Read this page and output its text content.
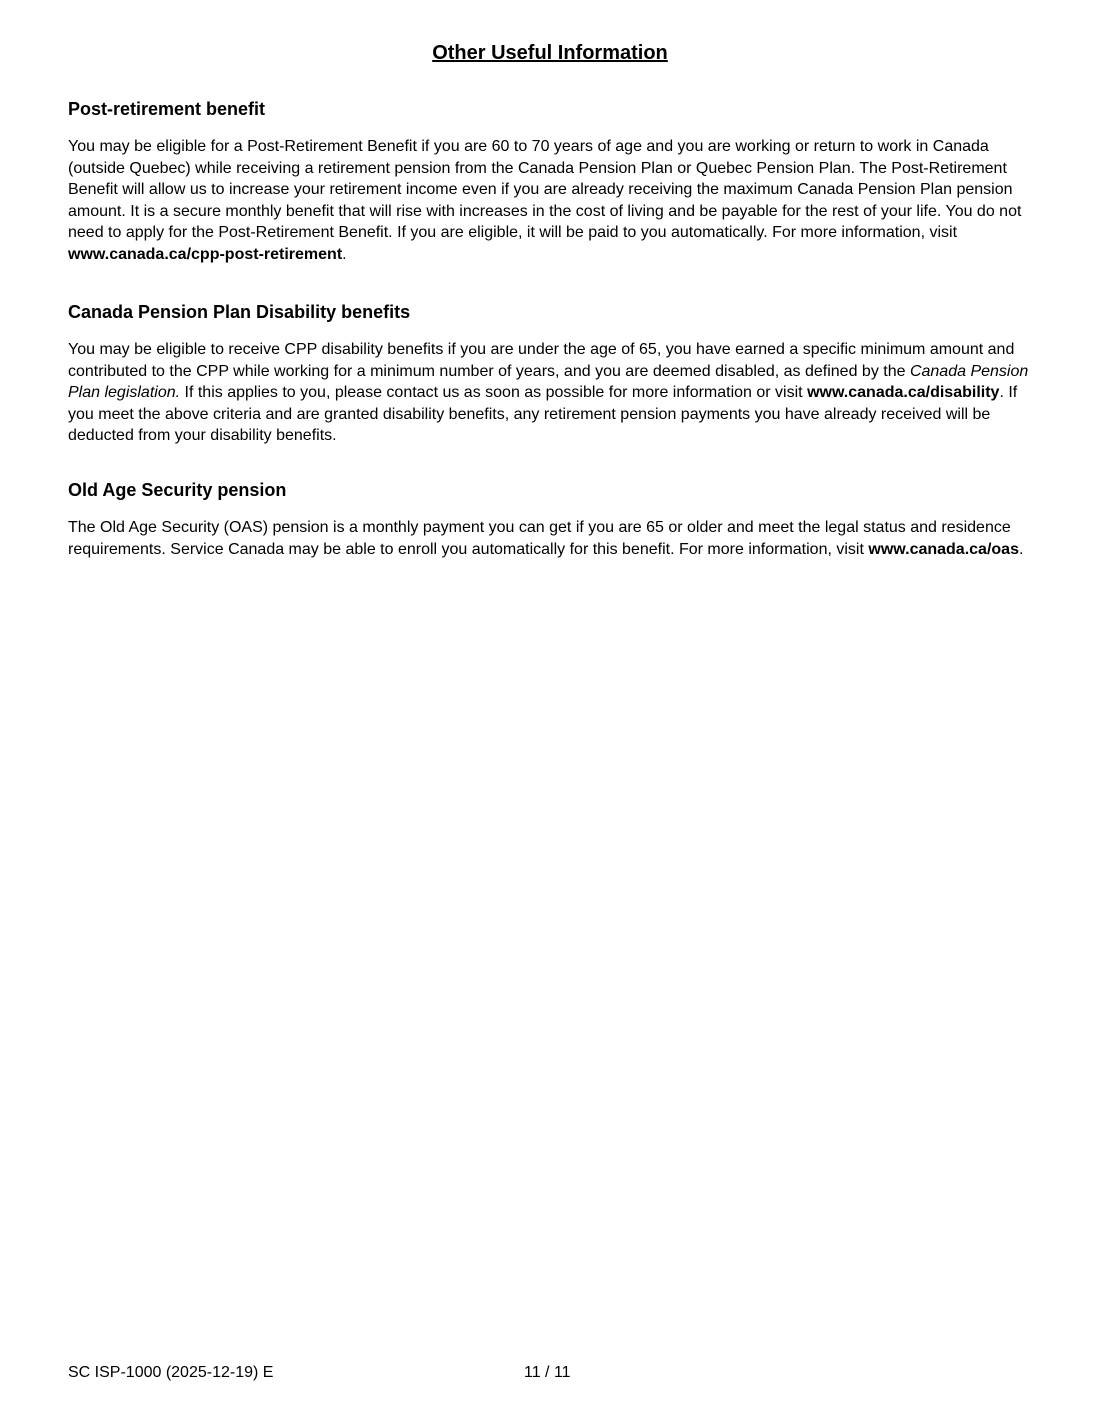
Other Useful Information
Post-retirement benefit

You may be eligible for a Post-Retirement Benefit if you are 60 to 70 years of age and you are working or return to work in Canada (outside Quebec) while receiving a retirement pension from the Canada Pension Plan or Quebec Pension Plan. The Post-Retirement Benefit will allow us to increase your retirement income even if you are already receiving the maximum Canada Pension Plan pension amount. It is a secure monthly benefit that will rise with increases in the cost of living and be payable for the rest of your life. You do not need to apply for the Post-Retirement Benefit. If you are eligible, it will be paid to you automatically. For more information, visit www.canada.ca/cpp-post-retirement.

Canada Pension Plan Disability benefits

You may be eligible to receive CPP disability benefits if you are under the age of 65, you have earned a specific minimum amount and contributed to the CPP while working for a minimum number of years, and you are deemed disabled, as defined by the Canada Pension Plan legislation. If this applies to you, please contact us as soon as possible for more information or visit www.canada.ca/disability. If you meet the above criteria and are granted disability benefits, any retirement pension payments you have already received will be deducted from your disability benefits.

Old Age Security pension

The Old Age Security (OAS) pension is a monthly payment you can get if you are 65 or older and meet the legal status and residence requirements. Service Canada may be able to enroll you automatically for this benefit. For more information, visit www.canada.ca/oas.

SC ISP-1000 (2025-12-19) E	11 / 11
